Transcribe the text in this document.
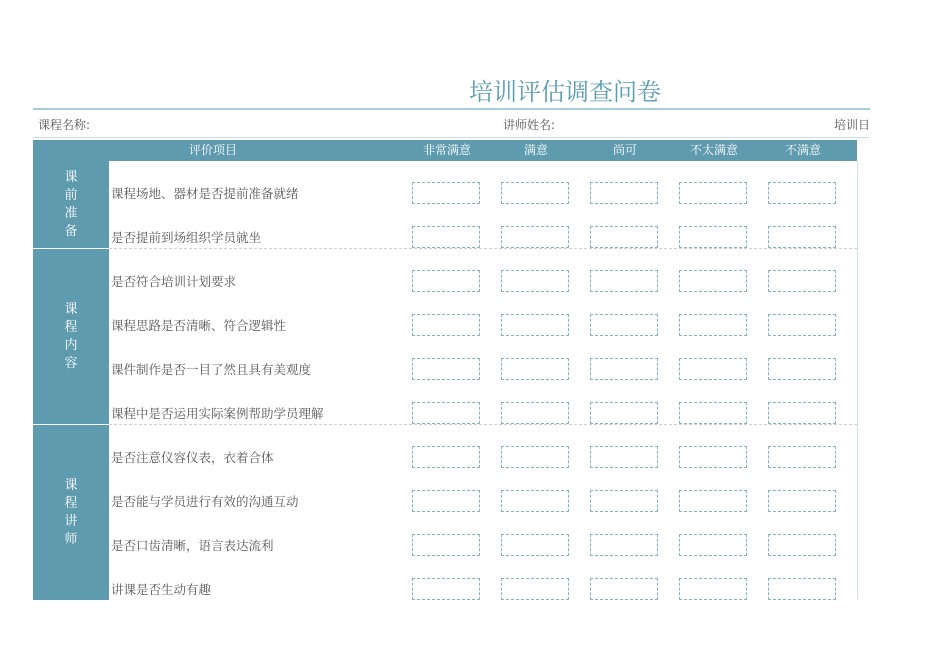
培训评估调查问卷
课程名称:	讲师姓名:	培训日
评价项目	非常满意	满意	尚可	不太满意	不满意
课前准备
课程场地、器材是否提前准备就绪
是否提前到场组织学员就坐
课程内容
是否符合培训计划要求
课程思路是否清晰、符合逻辑性
课件制作是否一目了然且具有美观度
课程中是否运用实际案例帮助学员理解
课程讲师
是否注意仪容仪表，衣着合体
是否能与学员进行有效的沟通互动
是否口齿清晰，语言表达流利
讲课是否生动有趣
